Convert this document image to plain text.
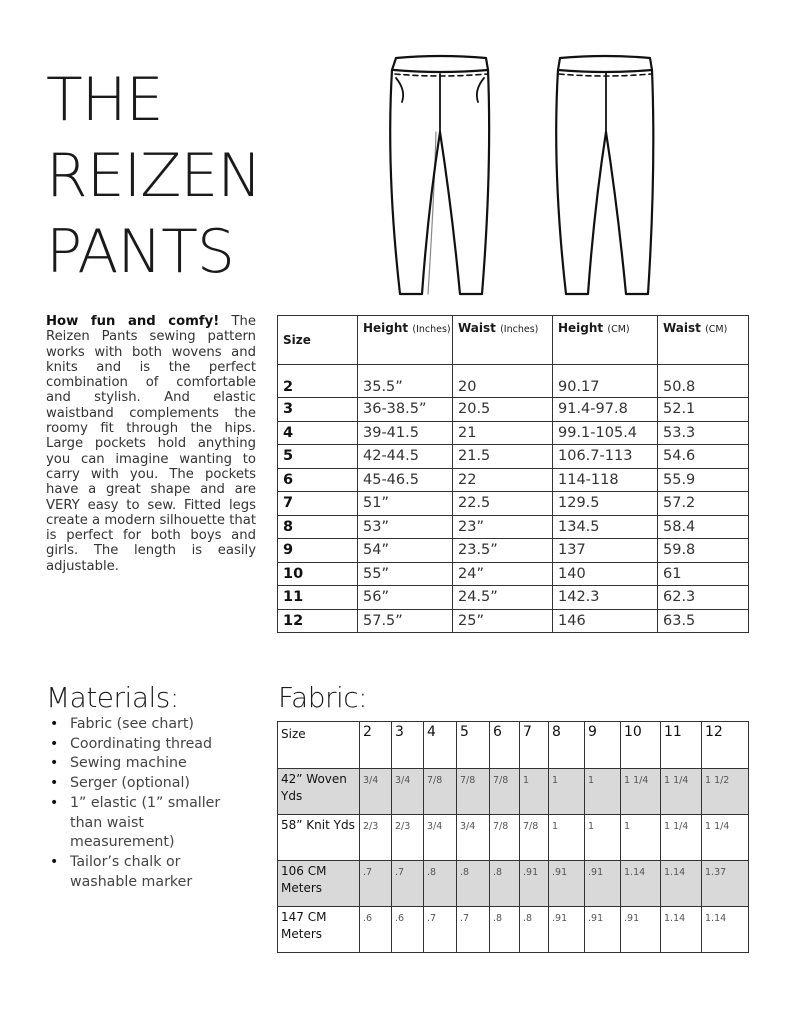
THE
REIZEN
PANTS
How fun and comfy! The Reizen Pants sewing pattern works with both wovens and knits and is the perfect combination of comfortable and stylish. And elastic waistband complements the roomy fit through the hips. Large pockets hold anything you can imagine wanting to carry with you. The pockets have a great shape and are VERY easy to sew. Fitted legs create a modern silhouette that is perfect for both boys and girls. The length is easily adjustable.
Size	Height (Inches)	Waist (Inches)	Height (CM)	Waist (CM)
2	35.5”	20	90.17	50.8
3	36-38.5”	20.5	91.4-97.8	52.1
4	39-41.5	21	99.1-105.4	53.3
5	42-44.5	21.5	106.7-113	54.6
6	45-46.5	22	114-118	55.9
7	51”	22.5	129.5	57.2
8	53”	23”	134.5	58.4
9	54”	23.5”	137	59.8
10	55”	24”	140	61
11	56”	24.5”	142.3	62.3
12	57.5”	25”	146	63.5
Materials:
• Fabric (see chart)
• Coordinating thread
• Sewing machine
• Serger (optional)
• 1” elastic (1” smaller than waist measurement)
• Tailor’s chalk or washable marker
Fabric:
Size	2	3	4	5	6	7	8	9	10	11	12
42” Woven Yds	3/4	3/4	7/8	7/8	7/8	1	1	1	1 1/4	1 1/4	1 1/2
58” Knit Yds	2/3	2/3	3/4	3/4	7/8	7/8	1	1	1	1 1/4	1 1/4
106 CM Meters	.7	.7	.8	.8	.8	.91	.91	.91	1.14	1.14	1.37
147 CM Meters	.6	.6	.7	.7	.8	.8	.91	.91	.91	1.14	1.14
